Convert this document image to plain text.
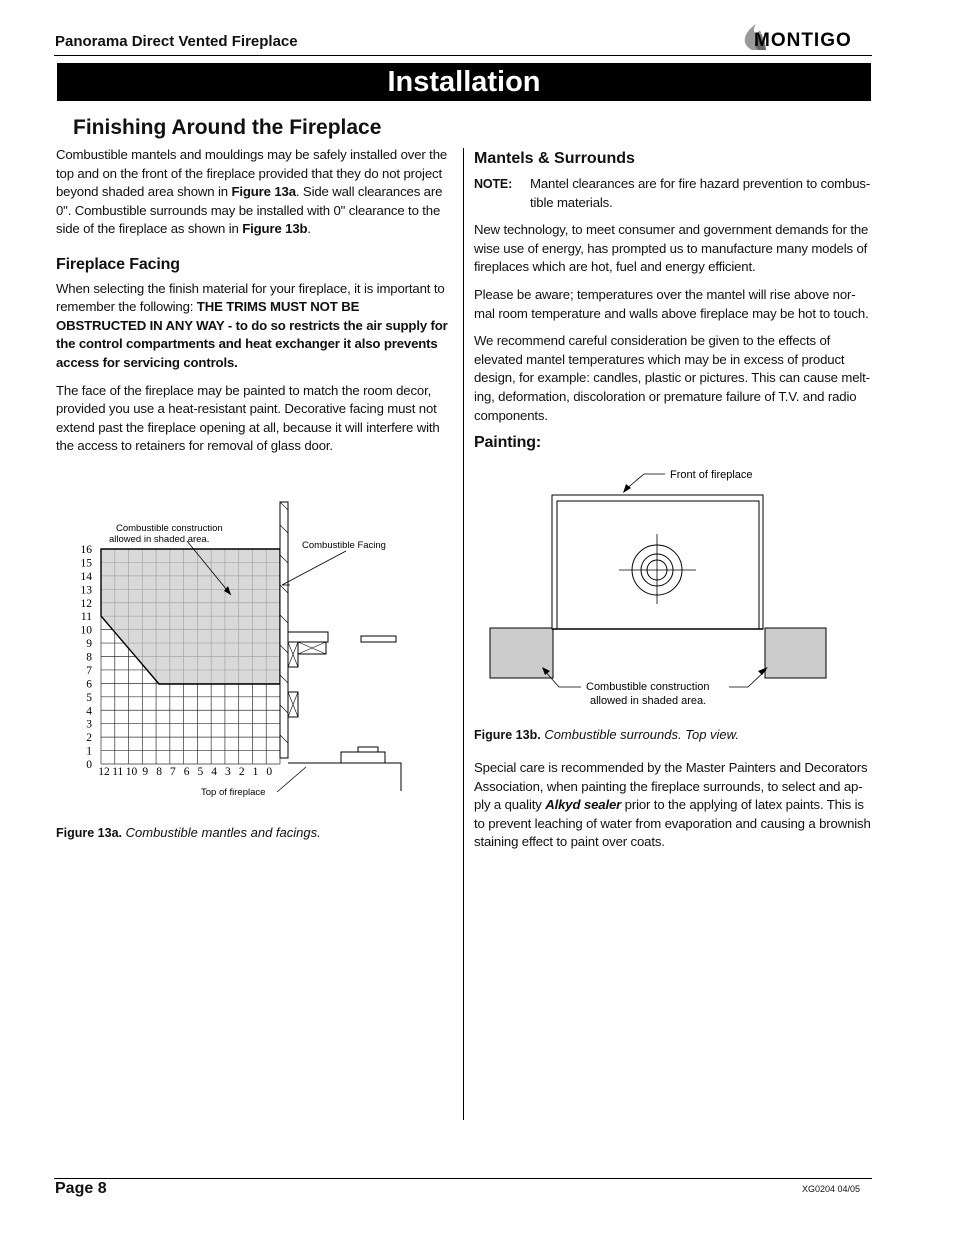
Panorama Direct Vented Fireplace	MONTIGO
Installation
Finishing Around the Fireplace

Combustible mantels and mouldings may be safely installed over the top and on the front of the fireplace provided that they do not project beyond shaded area shown in Figure 13a. Side wall clearances are 0". Combustible surrounds may be installed with 0" clearance to the side of the fireplace as shown in Figure 13b.

Fireplace Facing

When selecting the finish material for your fireplace, it is important to remember the following: THE TRIMS MUST NOT BE OBSTRUCTED IN ANY WAY - to do so restricts the air supply for the control compartments and heat exchanger it also prevents access for servicing controls.

The face of the fireplace may be painted to match the room decor, provided you use a heat-resistant paint. Decorative facing must not extend past the fireplace opening at all, because it will interfere with the access to retainers for removal of glass door.

0
1
2
3
4
5
6
7
8
9
10
11
12
13
14
15
16
12 11 10 9 8 7 6 5 4 3 2 1 0
Combustible construction
allowed in shaded area.
Combustible Facing
Top of fireplace
Figure 13a. Combustible mantles and facings.
Mantels & Surrounds
NOTE:	Mantel clearances are for fire hazard prevention to combus-tible materials.

New technology, to meet consumer and government demands for the wise use of energy, has prompted us to manufacture many models of fireplaces which are hot, fuel and energy efficient.

Please be aware; temperatures over the mantel will rise above nor-mal room temperature and walls above fireplace may be hot to touch.

We recommend careful consideration be given to the effects of elevated mantel temperatures which may be in excess of product design, for example: candles, plastic or pictures. This can cause melt-ing, deformation, discoloration or premature failure of T.V. and radio components.

Painting:
Front of fireplace
Combustible construction
allowed in shaded area.
Figure 13b. Combustible surrounds. Top view.
Special care is recommended by the Master Painters and Decorators Association, when painting the fireplace surrounds, to select and ap-ply a quality Alkyd sealer prior to the applying of latex paints. This is to prevent leaching of water from evaporation and causing a brownish staining effect to paint over coats.
Page 8	XG0204 04/05
